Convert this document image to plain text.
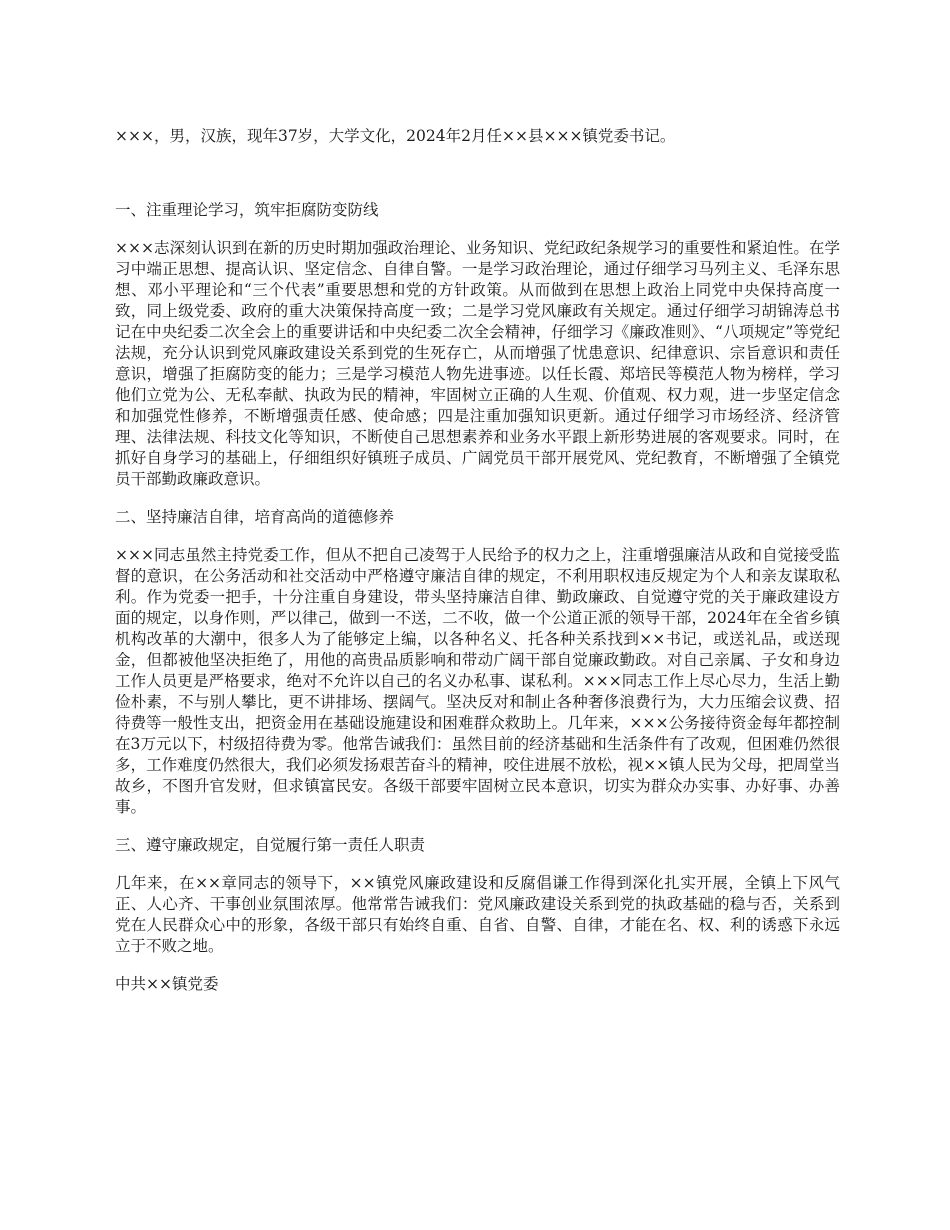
×××，男，汉族，现年37岁，大学文化，2024年2月任××县×××镇党委书记。

一、注重理论学习，筑牢拒腐防变防线

×××志深刻认识到在新的历史时期加强政治理论、业务知识、党纪政纪条规学习的重要性和紧迫性。在学习中端正思想、提高认识、坚定信念、自律自警。一是学习政治理论，通过仔细学习马列主义、毛泽东思想、邓小平理论和“三个代表”重要思想和党的方针政策。从而做到在思想上政治上同党中央保持高度一致，同上级党委、政府的重大决策保持高度一致；二是学习党风廉政有关规定。通过仔细学习胡锦涛总书记在中央纪委二次全会上的重要讲话和中央纪委二次全会精神，仔细学习《廉政准则》、“八项规定”等党纪法规，充分认识到党风廉政建设关系到党的生死存亡，从而增强了忧患意识、纪律意识、宗旨意识和责任意识，增强了拒腐防变的能力；三是学习模范人物先进事迹。以任长霞、郑培民等模范人物为榜样，学习他们立党为公、无私奉献、执政为民的精神，牢固树立正确的人生观、价值观、权力观，进一步坚定信念和加强党性修养，不断增强责任感、使命感；四是注重加强知识更新。通过仔细学习市场经济、经济管理、法律法规、科技文化等知识，不断使自己思想素养和业务水平跟上新形势进展的客观要求。同时，在抓好自身学习的基础上，仔细组织好镇班子成员、广阔党员干部开展党风、党纪教育，不断增强了全镇党员干部勤政廉政意识。

二、坚持廉洁自律，培育高尚的道德修养

×××同志虽然主持党委工作，但从不把自己凌驾于人民给予的权力之上，注重增强廉洁从政和自觉接受监督的意识，在公务活动和社交活动中严格遵守廉洁自律的规定，不利用职权违反规定为个人和亲友谋取私利。作为党委一把手，十分注重自身建设，带头坚持廉洁自律、勤政廉政、自觉遵守党的关于廉政建设方面的规定，以身作则，严以律己，做到一不送，二不收，做一个公道正派的领导干部，2024年在全省乡镇机构改革的大潮中，很多人为了能够定上编，以各种名义、托各种关系找到××书记，或送礼品，或送现金，但都被他坚决拒绝了，用他的高贵品质影响和带动广阔干部自觉廉政勤政。对自己亲属、子女和身边工作人员更是严格要求，绝对不允许以自己的名义办私事、谋私利。×××同志工作上尽心尽力，生活上勤俭朴素，不与别人攀比，更不讲排场、摆阔气。坚决反对和制止各种奢侈浪费行为，大力压缩会议费、招待费等一般性支出，把资金用在基础设施建设和困难群众救助上。几年来，×××公务接待资金每年都控制在3万元以下，村级招待费为零。他常告诫我们：虽然目前的经济基础和生活条件有了改观，但困难仍然很多，工作难度仍然很大，我们必须发扬艰苦奋斗的精神，咬住进展不放松，视××镇人民为父母，把周堂当故乡，不图升官发财，但求镇富民安。各级干部要牢固树立民本意识，切实为群众办实事、办好事、办善事。

三、遵守廉政规定，自觉履行第一责任人职责

几年来，在××章同志的领导下，××镇党风廉政建设和反腐倡谦工作得到深化扎实开展，全镇上下风气正、人心齐、干事创业氛围浓厚。他常常告诫我们：党风廉政建设关系到党的执政基础的稳与否，关系到党在人民群众心中的形象，各级干部只有始终自重、自省、自警、自律，才能在名、权、利的诱惑下永远立于不败之地。

中共××镇党委
